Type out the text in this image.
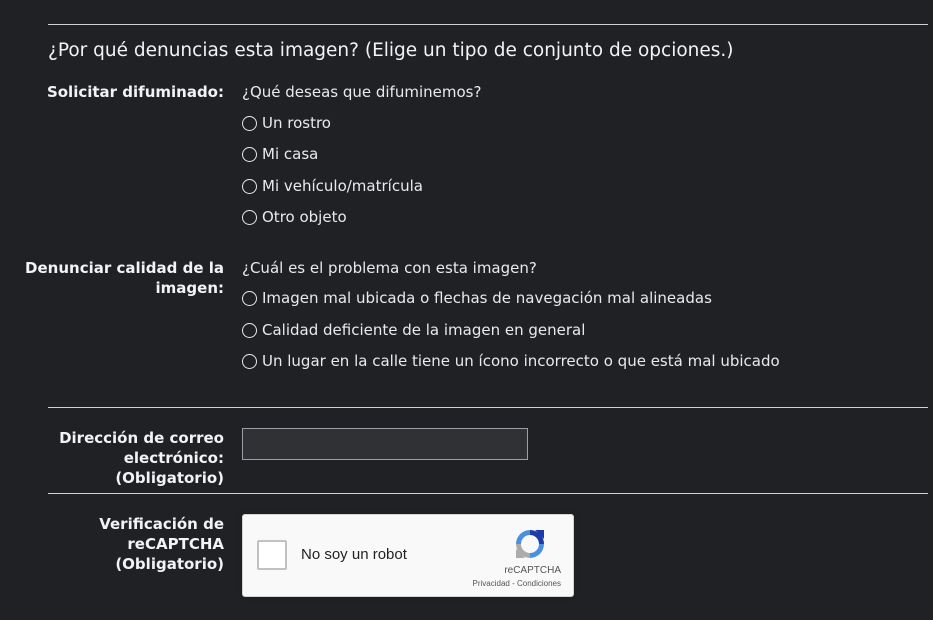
¿Por qué denuncias esta imagen? (Elige un tipo de conjunto de opciones.)
Solicitar difuminado: ¿Qué deseas que difuminemos?
Un rostro
Mi casa
Mi vehículo/matrícula
Otro objeto
Denunciar calidad de la
imagen:
¿Cuál es el problema con esta imagen?
Imagen mal ubicada o flechas de navegación mal alineadas
Calidad deficiente de la imagen en general
Un lugar en la calle tiene un ícono incorrecto o que está mal ubicado
Dirección de correo
electrónico:
(Obligatorio)
Verificación de
reCAPTCHA
(Obligatorio)
No soy un robot
reCAPTCHA
Privacidad - Condiciones
